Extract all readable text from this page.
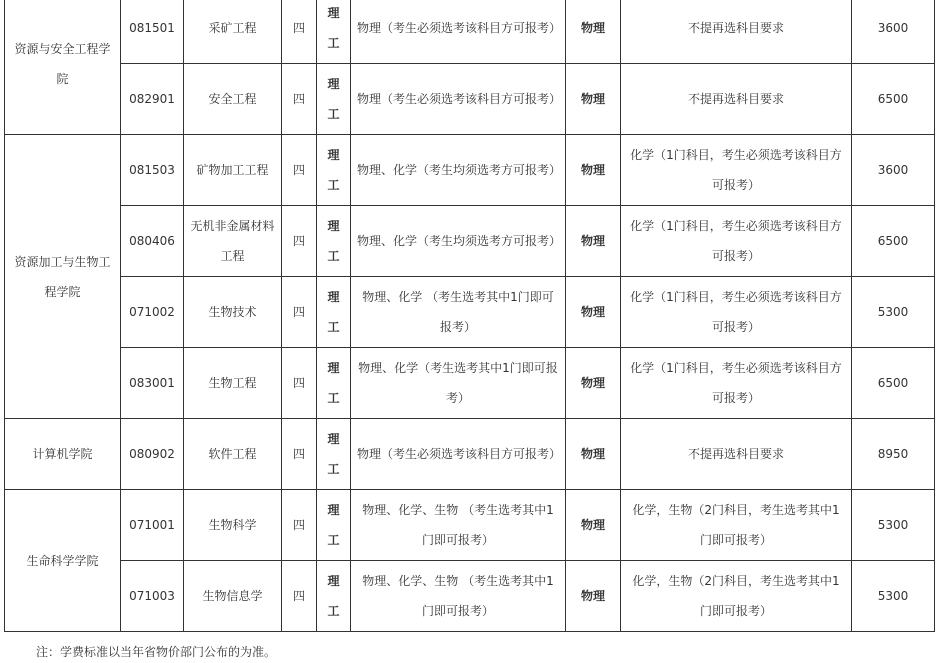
资源与安全工程学院	081501	采矿工程	四	理工	物理（考生必须选考该科目方可报考）	物理	不提再选科目要求	3600
	082901	安全工程	四	理工	物理（考生必须选考该科目方可报考）	物理	不提再选科目要求	6500
资源加工与生物工程学院	081503	矿物加工工程	四	理工	物理、化学（考生均须选考方可报考）	物理	化学（1门科目，考生必须选考该科目方可报考）	3600
	080406	无机非金属材料工程	四	理工	物理、化学（考生均须选考方可报考）	物理	化学（1门科目，考生必须选考该科目方可报考）	6500
	071002	生物技术	四	理工	物理、化学 （考生选考其中1门即可报考）	物理	化学（1门科目，考生必须选考该科目方可报考）	5300
	083001	生物工程	四	理工	物理、化学（考生选考其中1门即可报考）	物理	化学（1门科目，考生必须选考该科目方可报考）	6500
计算机学院	080902	软件工程	四	理工	物理（考生必须选考该科目方可报考）	物理	不提再选科目要求	8950
生命科学学院	071001	生物科学	四	理工	物理、化学、生物 （考生选考其中1门即可报考）	物理	化学，生物（2门科目，考生选考其中1门即可报考）	5300
	071003	生物信息学	四	理工	物理、化学、生物 （考生选考其中1门即可报考）	物理	化学，生物（2门科目，考生选考其中1门即可报考）	5300
注：学费标准以当年省物价部门公布的为准。
